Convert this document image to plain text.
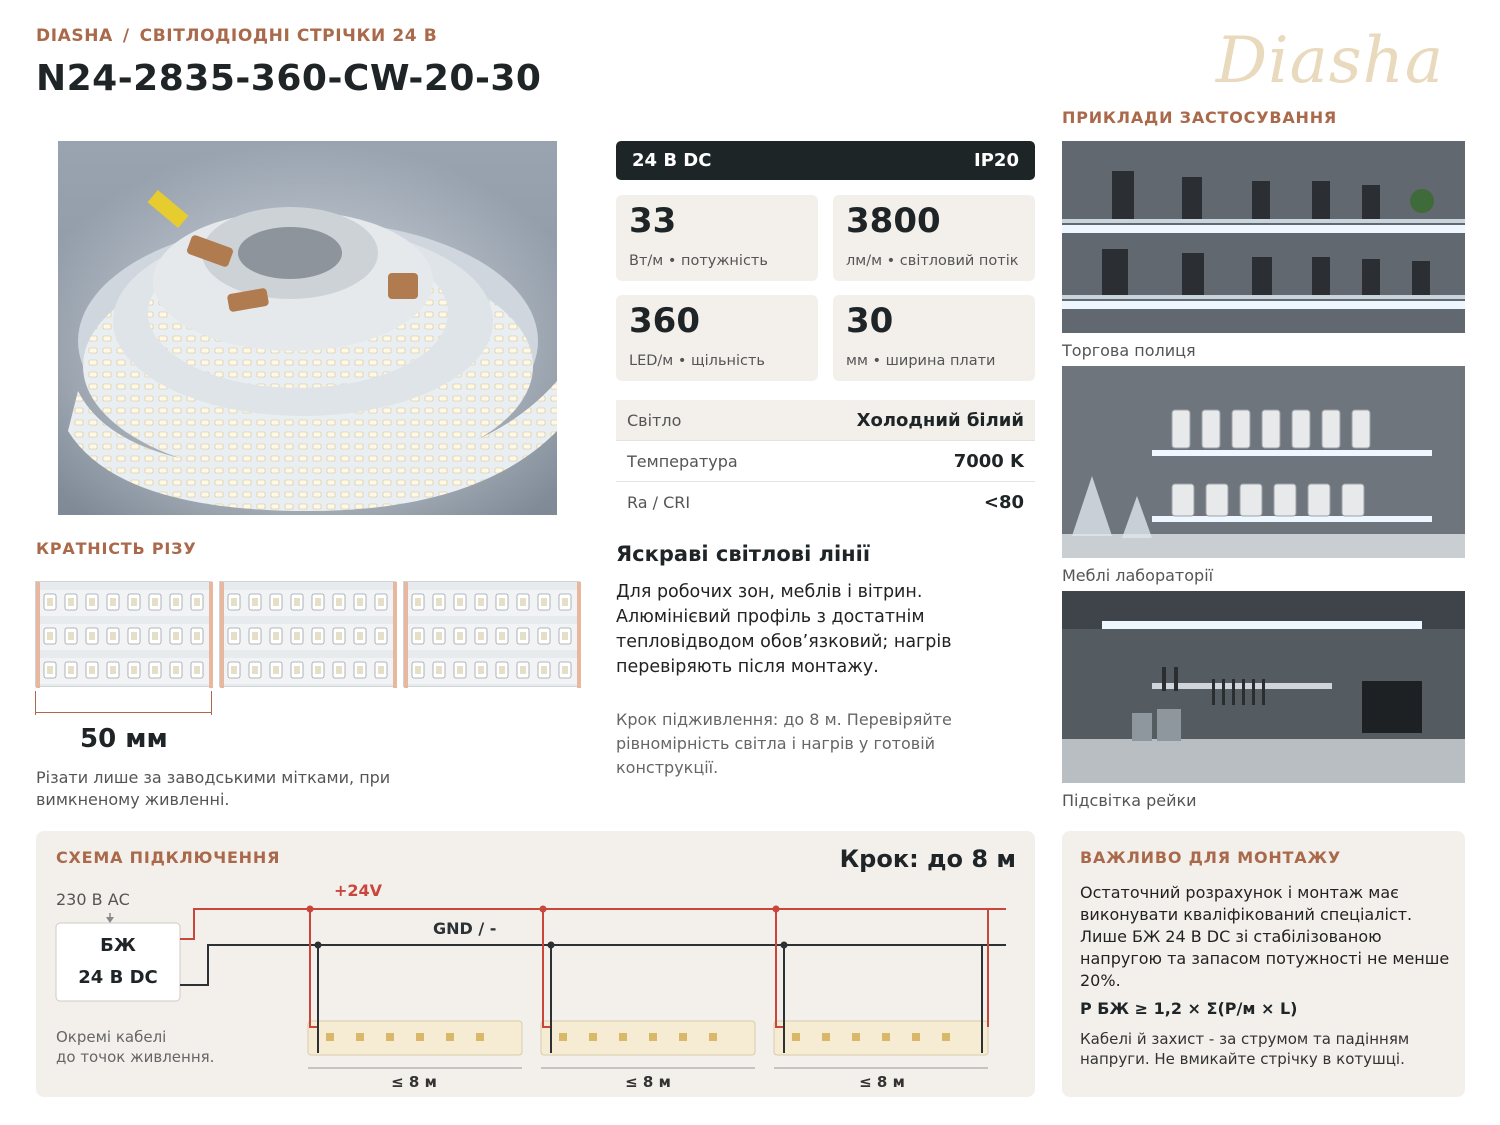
DIASHA / СВІТЛОДІОДНІ СТРІЧКИ 24 В
N24-2835-360-CW-20-30	Diasha
КРАТНІСТЬ РІЗУ
50 мм
Різати лише за заводськими мітками, при вимкненому живленні.
24 В DC	IP20
33
Вт/м • потужність
3800
лм/м • світловий потік
360
LED/м • щільність
30
мм • ширина плати
Світло	Холодний білий
Температура	7000 K
Ra / CRI	<80
Яскраві світлові лінії
Для робочих зон, меблів і вітрин. Алюмінієвий профіль з достатнім тепловідводом обов’язковий; нагрів перевіряють після монтажу.
Крок підживлення: до 8 м. Перевіряйте рівномірність світла і нагрів у готовій конструкції.
ПРИКЛАДИ ЗАСТОСУВАННЯ
Торгова полиця
Меблі лабораторії
Підсвітка рейки
СХЕМА ПІДКЛЮЧЕННЯ	Крок: до 8 м
230 В АС
БЖ
24 В DC
+24V
GND / -
Окремі кабелі
до точок живлення.
≤ 8 м	≤ 8 м	≤ 8 м
ВАЖЛИВО ДЛЯ МОНТАЖУ
Остаточний розрахунок і монтаж має виконувати кваліфікований спеціаліст. Лише БЖ 24 В DC зі стабілізованою напругою та запасом потужності не менше 20%.
P БЖ ≥ 1,2 × Σ(P/м × L)
Кабелі й захист - за струмом та падінням напруги. Не вмикайте стрічку в котушці.
